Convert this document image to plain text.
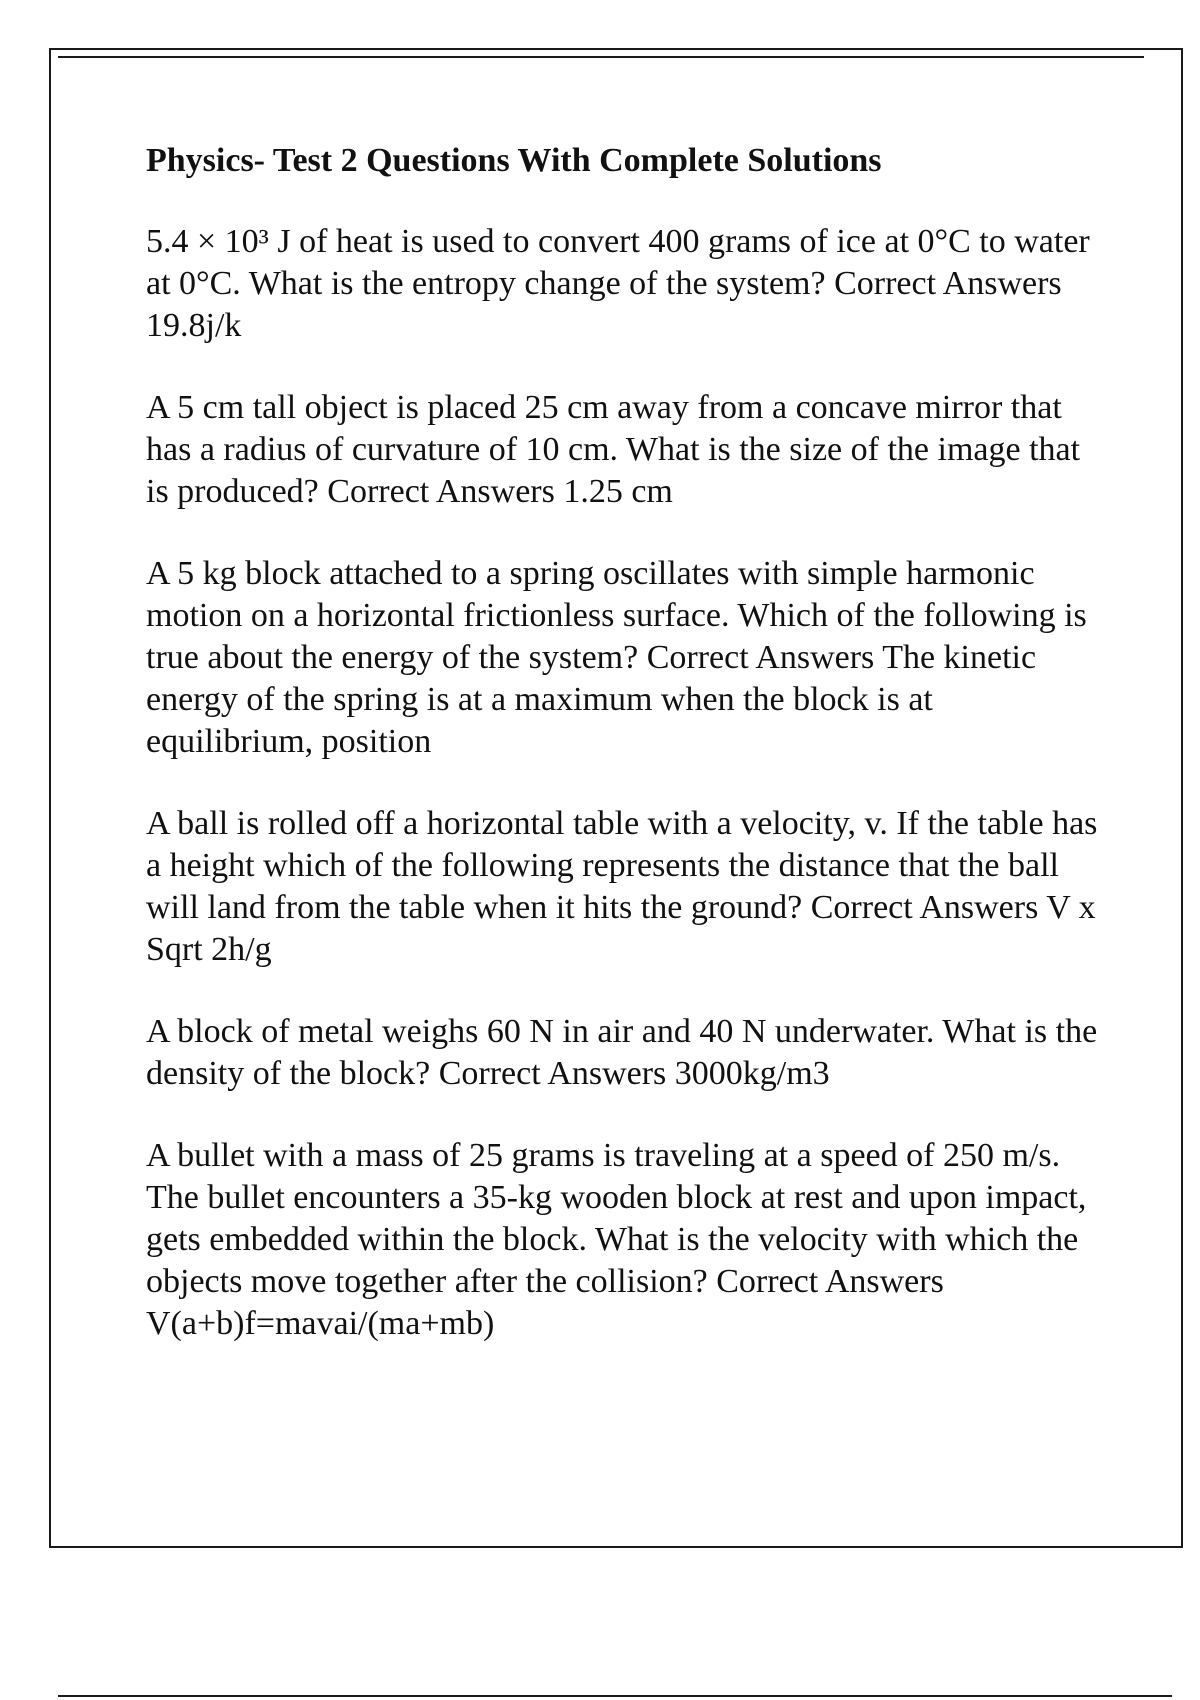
Physics- Test 2 Questions With Complete Solutions
5.4 × 10³ J of heat is used to convert 400 grams of ice at 0°C to water at 0°C. What is the entropy change of the system? Correct Answers 19.8j/k
A 5 cm tall object is placed 25 cm away from a concave mirror that has a radius of curvature of 10 cm. What is the size of the image that is produced? Correct Answers 1.25 cm
A 5 kg block attached to a spring oscillates with simple harmonic motion on a horizontal frictionless surface. Which of the following is true about the energy of the system? Correct Answers The kinetic energy of the spring is at a maximum when the block is at equilibrium, position
A ball is rolled off a horizontal table with a velocity, v. If the table has a height which of the following represents the distance that the ball will land from the table when it hits the ground? Correct Answers V x Sqrt 2h/g
A block of metal weighs 60 N in air and 40 N underwater. What is the density of the block? Correct Answers 3000kg/m3
A bullet with a mass of 25 grams is traveling at a speed of 250 m/s. The bullet encounters a 35-kg wooden block at rest and upon impact, gets embedded within the block. What is the velocity with which the objects move together after the collision? Correct Answers V(a+b)f=mavai/(ma+mb)
